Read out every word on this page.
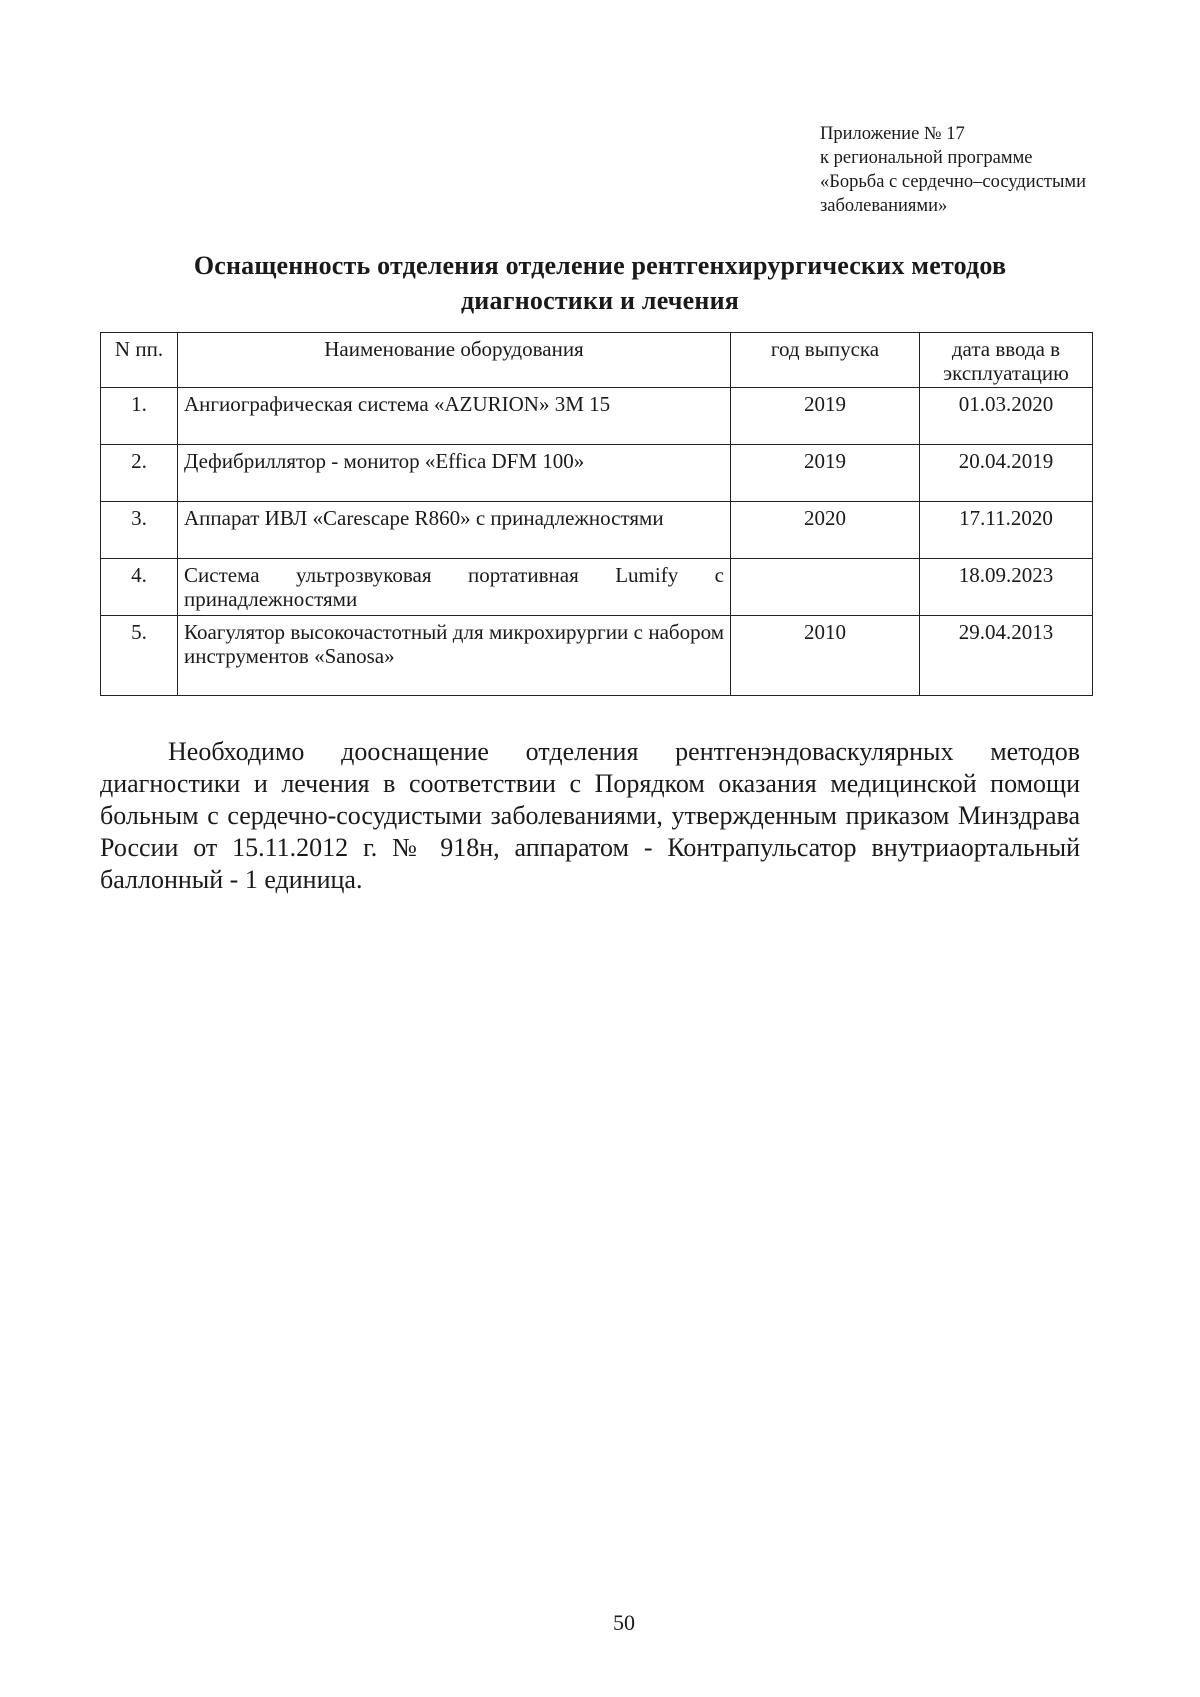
Приложение № 17
к региональной программе
«Борьба с сердечно–сосудистыми
заболеваниями»
Оснащенность отделения отделение рентгенхирургических методов
диагностики и лечения
N пп.	Наименование оборудования	год выпуска	дата ввода в эксплуатацию
1.	Ангиографическая система «AZURION» 3М 15	2019	01.03.2020
2.	Дефибриллятор - монитор «Efficа DFM 100»	2019	20.04.2019
3.	Аппарат ИВЛ «Carescape R860» с принадлежностями	2020	17.11.2020
4.	Система ультрозвуковая портативная Lumify с принадлежностями		18.09.2023
5.	Коагулятор высокочастотный для микрохирургии с набором инструментов «Sanosa»	2010	29.04.2013
Необходимо дооснащение отделения рентгенэндоваскулярных методов диагностики и лечения в соответствии с Порядком оказания медицинской помощи больным с сердечно-сосудистыми заболеваниями, утвержденным приказом Минздрава России от 15.11.2012 г. № 918н, аппаратом - Контрапульсатор внутриаортальный баллонный - 1 единица.
50
